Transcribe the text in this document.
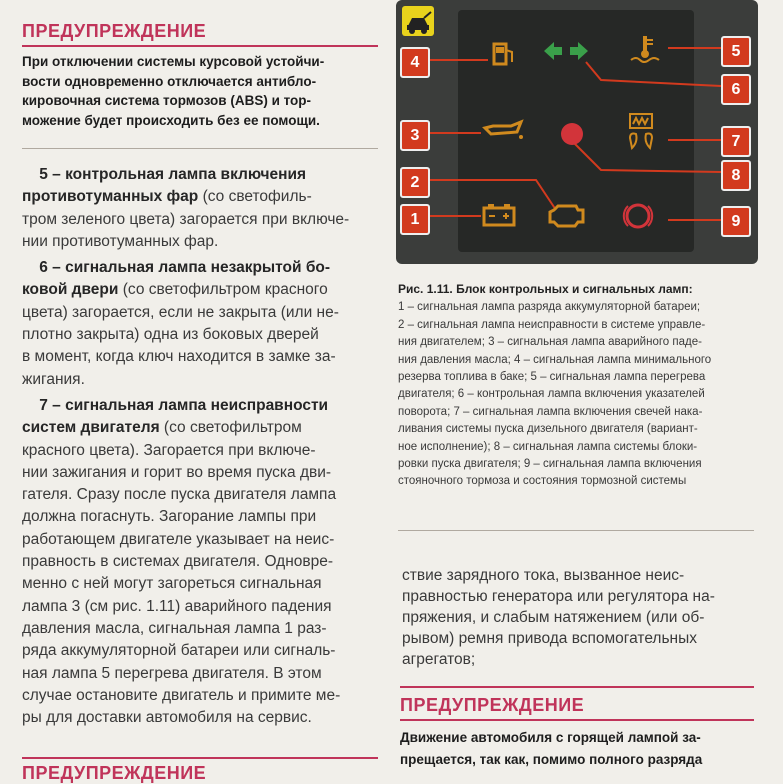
ПРЕДУПРЕЖДЕНИЕ
При отключении системы курсовой устойчи-
вости одновременно отключается антибло-
кировочная система тормозов (ABS) и тор-
можение будет происходить без ее помощи.

5 – контрольная лампа включения
противотуманных фар (со светофиль-
тром зеленого цвета) загорается при включе-
нии противотуманных фар.

6 – сигнальная лампа незакрытой бо-
ковой двери (со светофильтром красного
цвета) загорается, если не закрыта (или не-
плотно закрыта) одна из боковых дверей
в момент, когда ключ находится в замке за-
жигания.

7 – сигнальная лампа неисправности
систем двигателя (со светофильтром
красного цвета). Загорается при включе-
нии зажигания и горит во время пуска дви-
гателя. Сразу после пуска двигателя лампа
должна погаснуть. Загорание лампы при
работающем двигателе указывает на неис-
правность в системах двигателя. Одновре-
менно с ней могут загореться сигнальная
лампа 3 (см рис. 1.11) аварийного падения
давления масла, сигнальная лампа 1 раз-
ряда аккумуляторной батареи или сигналь-
ная лампа 5 перегрева двигателя. В этом
случае остановите двигатель и примите ме-
ры для доставки автомобиля на сервис.

ПРЕДУПРЕЖДЕНИЕ
4
5
6
3	7
2	8
1	9
Рис. 1.11. Блок контрольных и сигнальных ламп:
1 – сигнальная лампа разряда аккумуляторной батареи;
2 – сигнальная лампа неисправности в системе управле-
ния двигателем; 3 – сигнальная лампа аварийного паде-
ния давления масла; 4 – сигнальная лампа минимального
резерва топлива в баке; 5 – сигнальная лампа перегрева
двигателя; 6 – контрольная лампа включения указателей
поворота; 7 – сигнальная лампа включения свечей нака-
ливания системы пуска дизельного двигателя (вариант-
ное исполнение); 8 – сигнальная лампа системы блоки-
ровки пуска двигателя; 9 – сигнальная лампа включения
стояночного тормоза и состояния тормозной системы
ствие зарядного тока, вызванное неис-
правностью генератора или регулятора на-
пряжения, и слабым натяжением (или об-
рывом) ремня привода вспомогательных
агрегатов;
ПРЕДУПРЕЖДЕНИЕ
Движение автомобиля с горящей лампой за-
прещается, так как, помимо полного разряда
